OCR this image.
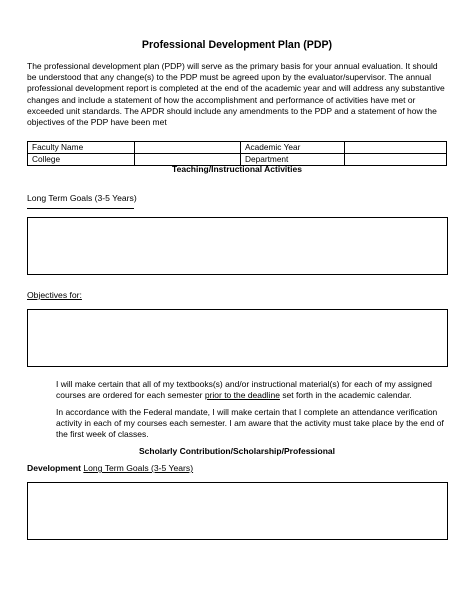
Professional Development Plan (PDP)
The professional development plan (PDP) will serve as the primary basis for your annual evaluation. It should be understood that any change(s) to the PDP must be agreed upon by the evaluator/supervisor. The annual professional development report is completed at the end of the academic year and will address any substantive changes and include a statement of how the accomplishment and performance of activities have met or exceeded unit standards. The APDR should include any amendments to the PDP and a statement of how the objectives of the PDP have been met
Faculty Name		Academic Year	
College		Department	
Teaching/Instructional Activities
Long Term Goals (3-5 Years)
Objectives for:
I will make certain that all of my textbooks(s) and/or instructional material(s) for each of my assigned courses are ordered for each semester prior to the deadline set forth in the academic calendar.
In accordance with the Federal mandate, I will make certain that I complete an attendance verification activity in each of my courses each semester. I am aware that the activity must take place by the end of the first week of classes.
Scholarly Contribution/Scholarship/Professional
Development Long Term Goals (3-5 Years)
